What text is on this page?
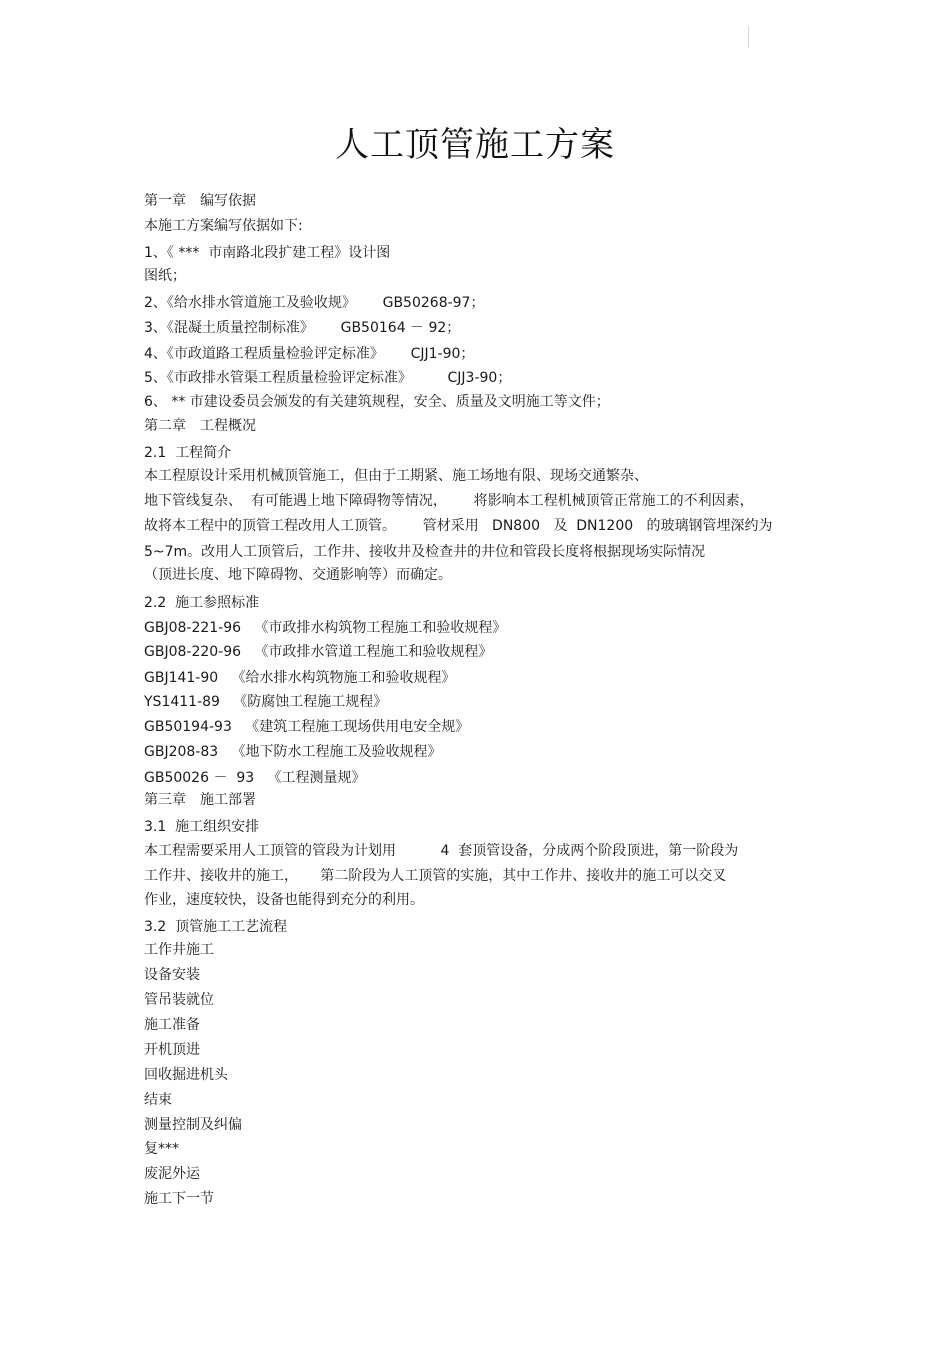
人工顶管施工方案
第一章　编写依据
本施工方案编写依据如下:
1、《 ***  市南路北段扩建工程》设计图
图纸；
2、《给水排水管道施工及验收规》      GB50268-97；
3、《混凝土质量控制标准》      GB50164 － 92；
4、《市政道路工程质量检验评定标准》      CJJ1-90；
5、《市政排水管渠工程质量检验评定标准》        CJJ3-90；
6、 ** 市建设委员会颁发的有关建筑规程，安全、质量及文明施工等文件；
第二章　工程概况
2.1  工程简介
本工程原设计采用机械顶管施工，但由于工期紧、施工场地有限、现场交通繁杂、
地下管线复杂、  有可能遇上地下障碍物等情况，      将影响本工程机械顶管正常施工的不利因素，
故将本工程中的顶管工程改用人工顶管。      管材采用   DN800   及  DN1200   的玻璃钢管埋深约为
5~7m。改用人工顶管后，工作井、接收井及检查井的井位和管段长度将根据现场实际情况
（顶进长度、地下障碍物、交通影响等）而确定。
2.2  施工参照标准
GBJ08-221-96   《市政排水构筑物工程施工和验收规程》
GBJ08-220-96   《市政排水管道工程施工和验收规程》
GBJ141-90   《给水排水构筑物施工和验收规程》
YS1411-89   《防腐蚀工程施工规程》
GB50194-93   《建筑工程施工现场供用电安全规》
GBJ208-83   《地下防水工程施工及验收规程》
GB50026 －  93   《工程测量规》
第三章　施工部署
3.1  施工组织安排
本工程需要采用人工顶管的管段为计划用          4  套顶管设备，分成两个阶段顶进，第一阶段为
工作井、接收井的施工，     第二阶段为人工顶管的实施，其中工作井、接收井的施工可以交叉
作业，速度较快，设备也能得到充分的利用。
3.2  顶管施工工艺流程
工作井施工
设备安装
管吊装就位
施工准备
开机顶进
回收掘进机头
结束
测量控制及纠偏
复***
废泥外运
施工下一节
